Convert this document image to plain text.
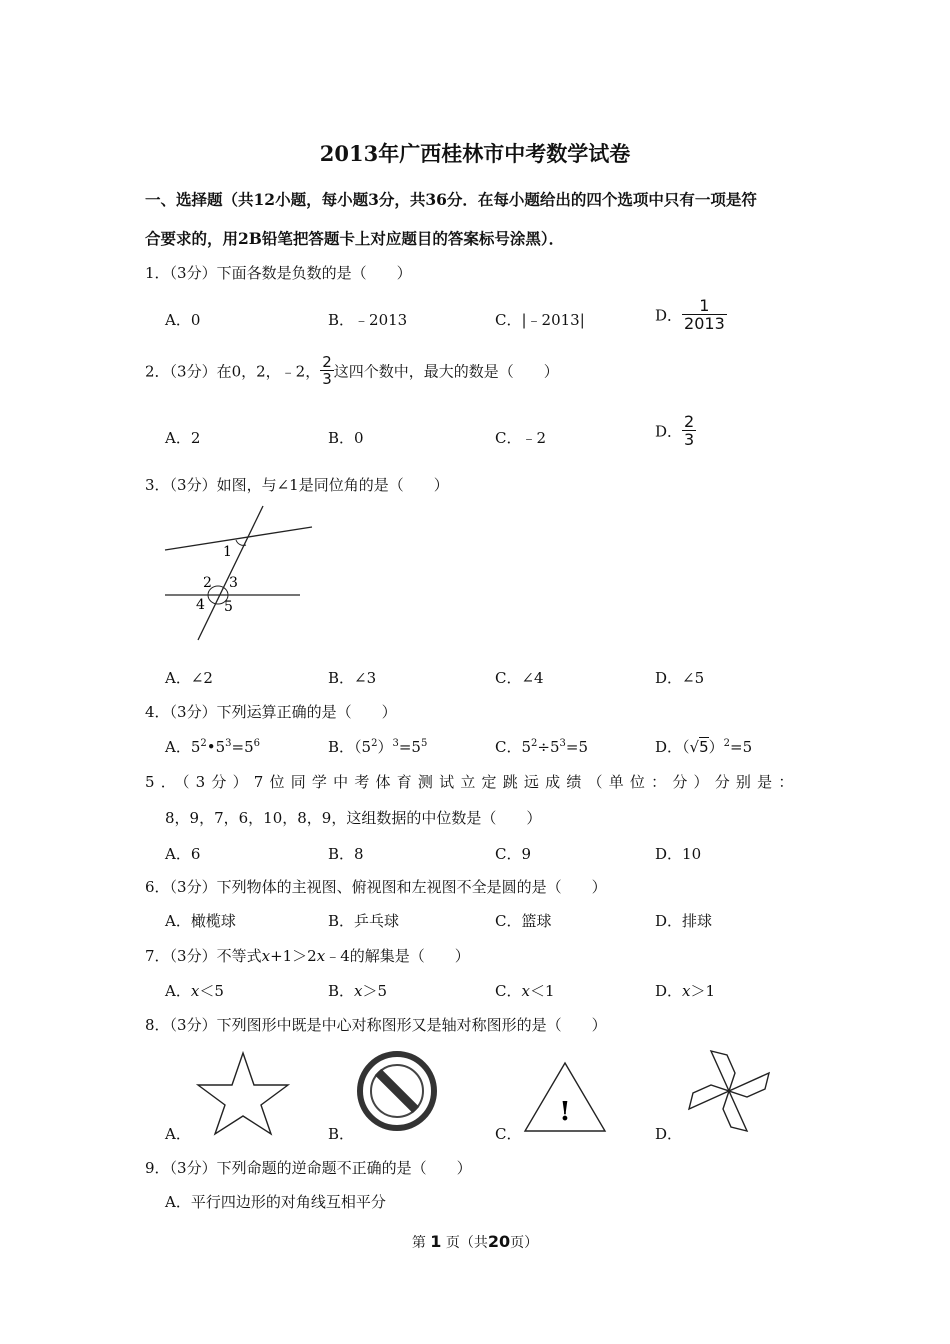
2013年广西桂林市中考数学试卷
一、选择题（共12小题，每小题3分，共36分．在每小题给出的四个选项中只有一项是符
合要求的，用2B铅笔把答题卡上对应题目的答案标号涂黑）．
1．（3分）下面各数是负数的是（　　）
A．0	B．﹣2013	C．|﹣2013|	D． $\frac{1}{2013}$
2．（3分）在0，2，﹣2， $\frac{2}{3}$ 这四个数中，最大的数是（　　）
A．2	B．0	C．﹣2	D． $\frac{2}{3}$
3．（3分）如图，与∠1是同位角的是（　　）
1
2 3
4 5
A．∠2	B．∠3	C．∠4	D．∠5
4．（3分）下列运算正确的是（　　）
A．$5^2•5^3=5^6$	B．$(5^2)^3=5^5$	C．$5^2\div 5^3=5$	D．$(√5)^2=5$
5．（3分）7位同学中考体育测试立定跳远成绩（单位：分）分别是：
8，9，7，6，10，8，9，这组数据的中位数是（　　）
A．6	B．8	C．9	D．10
6．（3分）下列物体的主视图、俯视图和左视图不全是圆的是（　　）
A．橄榄球	B．乒乓球	C．篮球	D．排球
7．（3分）不等式x+1＞2x﹣4的解集是（　　）
A．x＜5	B．x＞5	C．x＜1	D．x＞1
8．（3分）下列图形中既是中心对称图形又是轴对称图形的是（　　）
A．	B．	C．
!
D．
9．（3分）下列命题的逆命题不正确的是（　　）
A．平行四边形的对角线互相平分
第 1 页（共20页）
